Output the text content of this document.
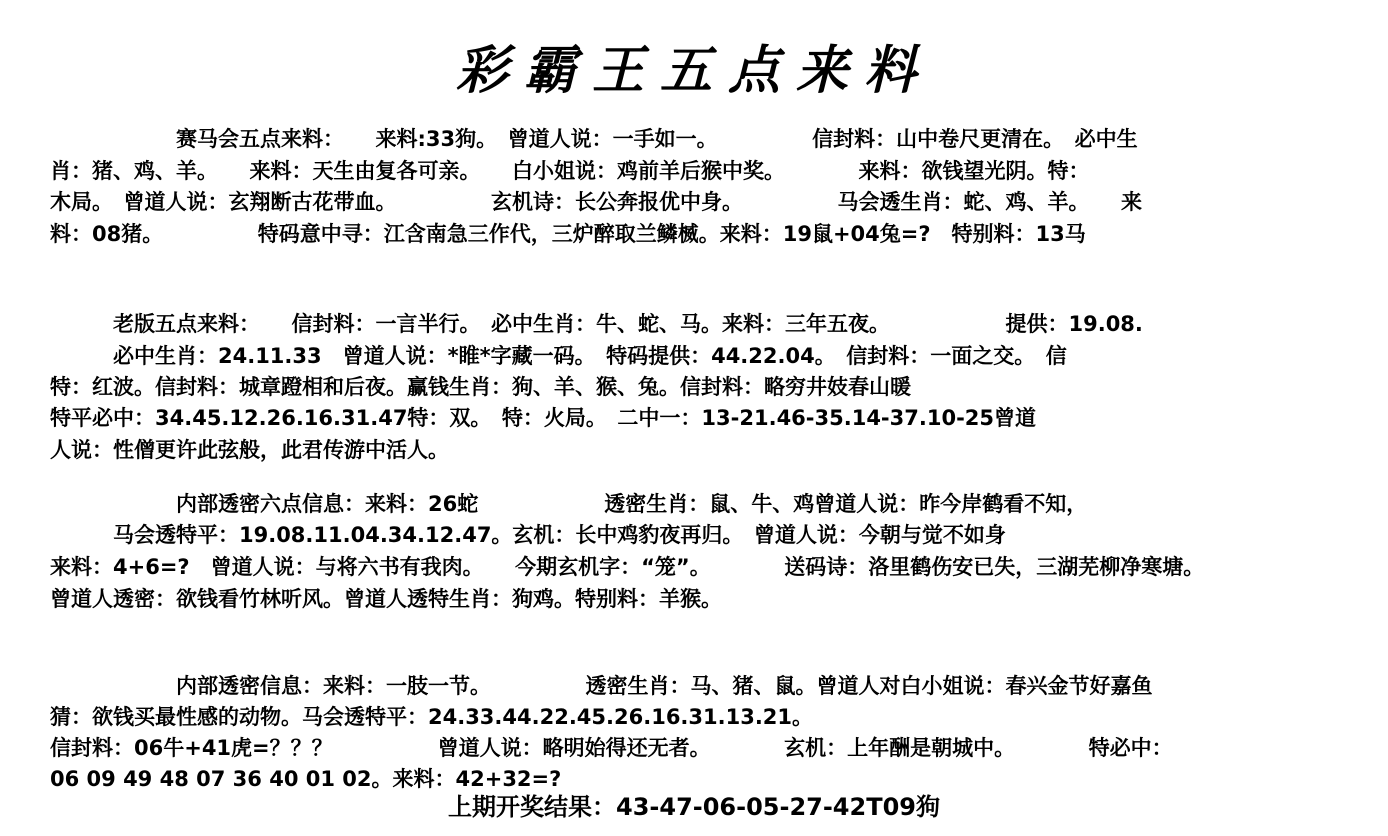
彩霸王五点来料
　　　　　　赛马会五点来料：　　来料:33狗。　曾道人说：一手如一。　　　　　信封料：山中卷尺更清在。　必中生
肖：猪、鸡、羊。　　来料：天生由复各可亲。　　白小姐说：鸡前羊后猴中奖。　　　　来料：欲钱望光阴。特：
木局。　曾道人说：玄翔断古花带血。　　　　　玄机诗：长公奔报优中身。　　　　　马会透生肖：蛇、鸡、羊。　　来
料：08猪。　　　　　特码意中寻：江含南急三作代，三炉醉取兰鳞楲。来料：19鼠+04兔=?　特别料：13马
　　　老版五点来料：　　信封料：一言半行。　必中生肖：牛、蛇、马。来料：三年五夜。　　　　　　提供：19.08.
　　　必中生肖：24.11.33　曾道人说：*睢*字藏一码。　特码提供：44.22.04。　信封料：一面之交。　信
特：红波。信封料：城章蹬相和后夜。赢钱生肖：狗、羊、猴、兔。信封料：略穷井妓春山暖
特平必中：34.45.12.26.16.31.47特：双。　特：火局。　二中一：13-21.46-35.14-37.10-25曾道
人说：性僧更许此弦般，此君传游中活人。
　　　　　　内部透密六点信息：来料：26蛇　　　　　　透密生肖：鼠、牛、鸡曾道人说：昨今岸鹤看不知，
　　　马会透特平：19.08.11.04.34.12.47。玄机：长中鸡豹夜再归。　曾道人说：今朝与觉不如身
来料：4+6=?　曾道人说：与将六书有我肉。　　今期玄机字：“笼”。　　　　送码诗：洛里鹤伤安已失，三湖芜柳净寒塘。
曾道人透密：欲钱看竹林听风。曾道人透特生肖：狗鸡。特别料：羊猴。
　　　　　　内部透密信息：来料：一肢一节。　　　　　透密生肖：马、猪、鼠。曾道人对白小姐说：春兴金节好嘉鱼
猜：欲钱买最性感的动物。马会透特平：24.33.44.22.45.26.16.31.13.21。
信封料：06牛+41虎=？？？　　　　　曾道人说：略明始得还无者。　　　　玄机：上年酬是朝城中。　　　　特必中：
06 09 49 48 07 36 40 01 02。来料：42+32=?
上期开奖结果：43-47-06-05-27-42T09狗
